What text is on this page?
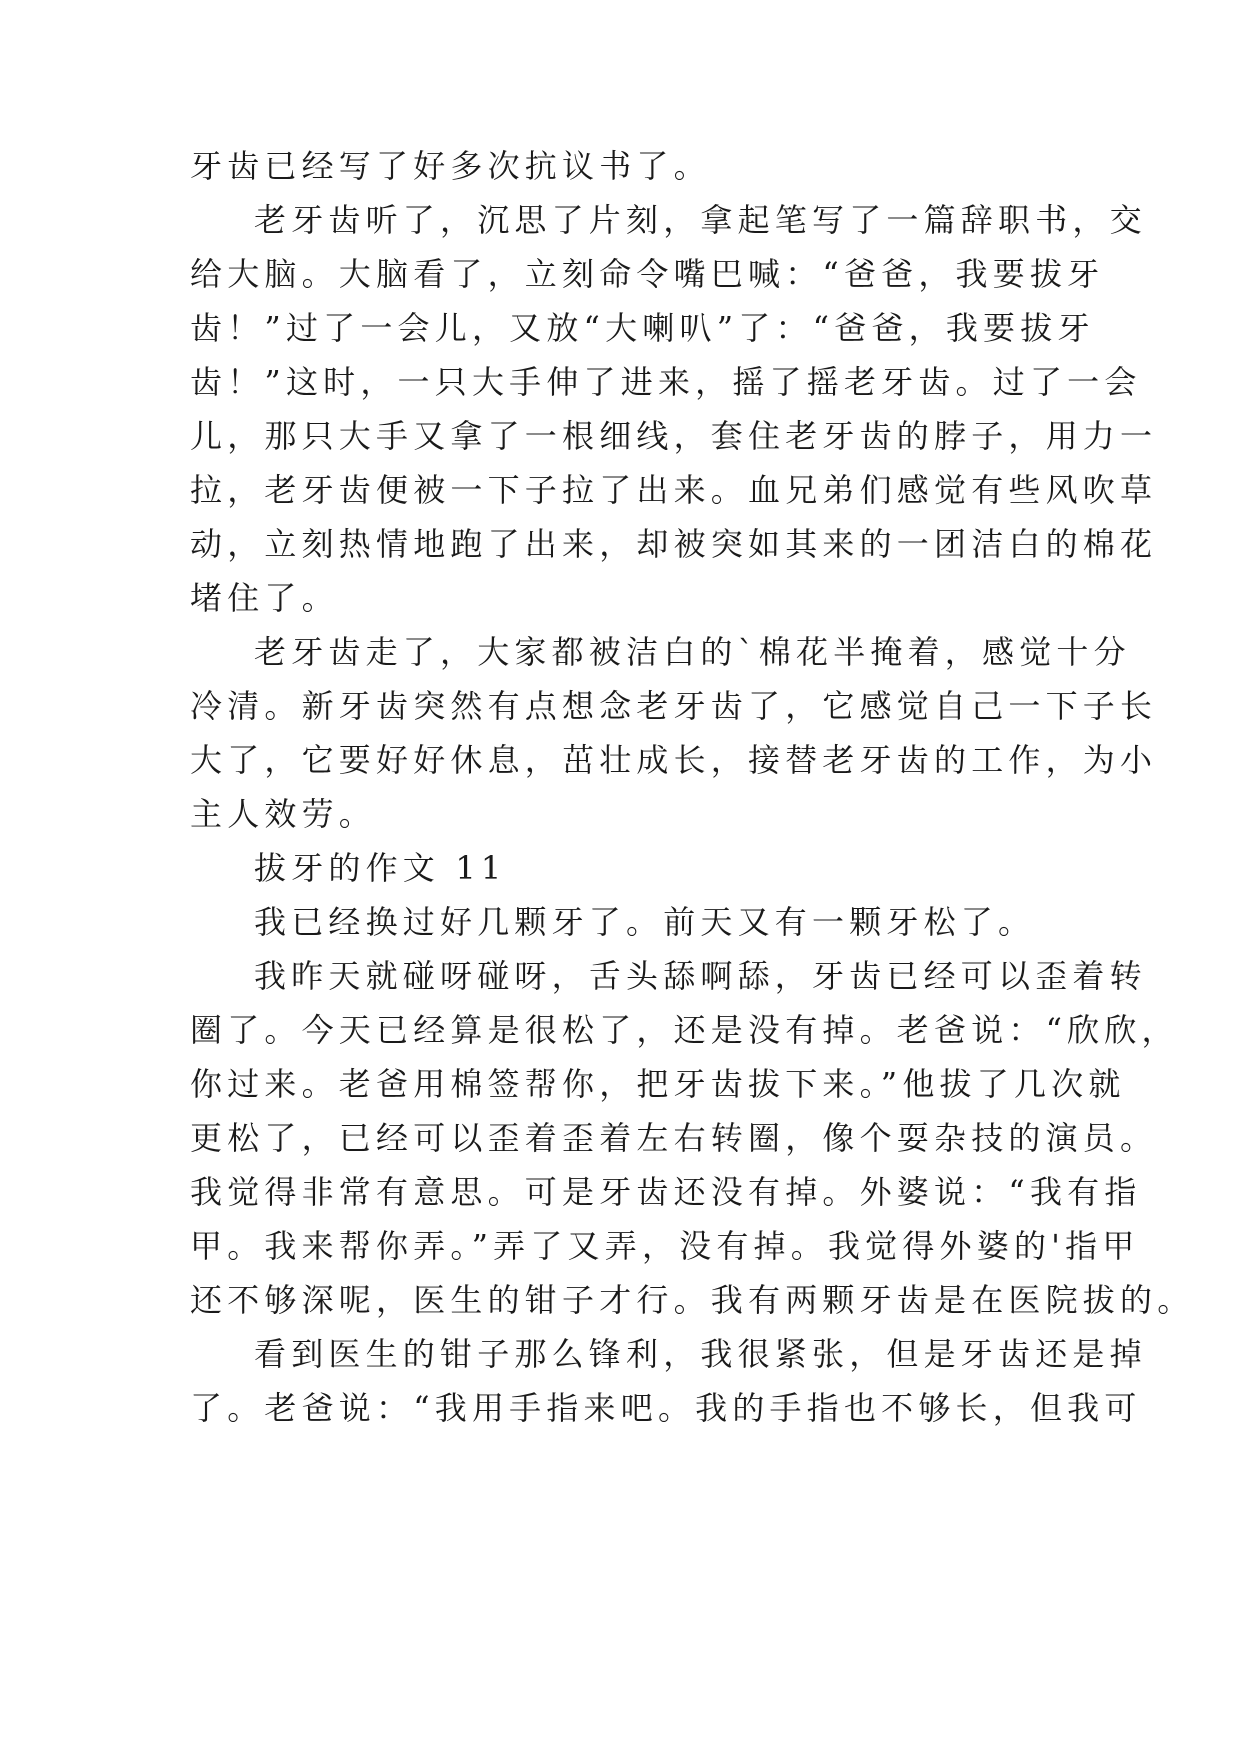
牙齿已经写了好多次抗议书了。
老牙齿听了，沉思了片刻，拿起笔写了一篇辞职书，交
给大脑。大脑看了，立刻命令嘴巴喊：“爸爸，我要拔牙
齿！”过了一会儿，又放“大喇叭”了：“爸爸，我要拔牙
齿！”这时，一只大手伸了进来，摇了摇老牙齿。过了一会
儿，那只大手又拿了一根细线，套住老牙齿的脖子，用力一
拉，老牙齿便被一下子拉了出来。血兄弟们感觉有些风吹草
动，立刻热情地跑了出来，却被突如其来的一团洁白的棉花
堵住了。
老牙齿走了，大家都被洁白的`棉花半掩着，感觉十分
冷清。新牙齿突然有点想念老牙齿了，它感觉自己一下子长
大了，它要好好休息，茁壮成长，接替老牙齿的工作，为小
主人效劳。
拔牙的作文 11
我已经换过好几颗牙了。前天又有一颗牙松了。
我昨天就碰呀碰呀，舌头舔啊舔，牙齿已经可以歪着转
圈了。今天已经算是很松了，还是没有掉。老爸说：“欣欣，
你过来。老爸用棉签帮你，把牙齿拔下来。”他拔了几次就
更松了，已经可以歪着歪着左右转圈，像个耍杂技的演员。
我觉得非常有意思。可是牙齿还没有掉。外婆说：“我有指
甲。我来帮你弄。”弄了又弄，没有掉。我觉得外婆的'指甲
还不够深呢，医生的钳子才行。我有两颗牙齿是在医院拔的。
看到医生的钳子那么锋利，我很紧张，但是牙齿还是掉
了。老爸说：“我用手指来吧。我的手指也不够长，但我可
